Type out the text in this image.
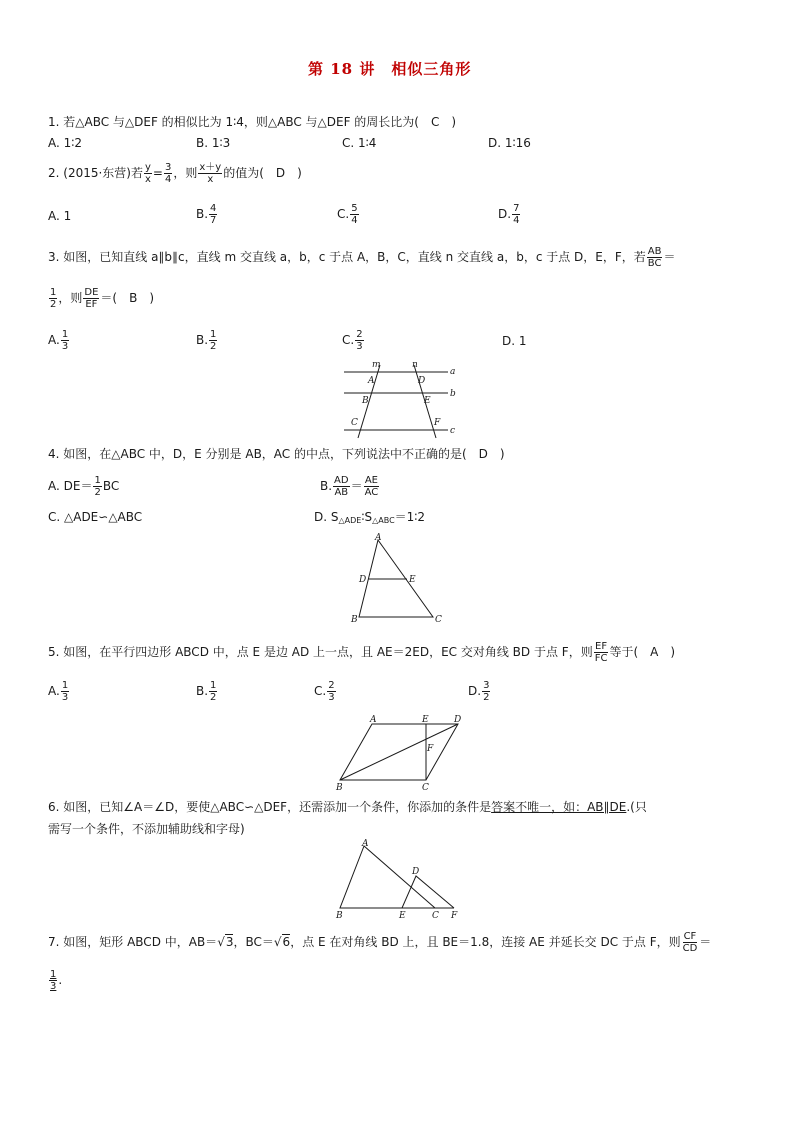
第 18 讲　相似三角形
1. 若△ABC 与△DEF 的相似比为 1∶4，则△ABC 与△DEF 的周长比为(　C　)
A. 1∶2	B. 1∶3	C. 1∶4	D. 1∶16
2. (2015·东营)若 $\frac{y}{x} = \frac{3}{4}$ ，则 $\frac{x+y}{x}$ 的值为(　D　)
A. 1	B. $\frac{4}{7}$	C. $\frac{5}{4}$	D. $\frac{7}{4}$
3. 如图，已知直线 a∥b∥c，直线 m 交直线 a，b，c 于点 A，B，C，直线 n 交直线 a，b，c 于点 D，E，F，若 $\frac{AB}{BC}$ ＝
$\frac{1}{2}$ ，则 $\frac{DE}{EF}$ ＝(　B　)
A. $\frac{1}{3}$	B. $\frac{1}{2}$	C. $\frac{2}{3}$	D. 1
m	n
a
b
c
A
B
C
D
E
F
4. 如图，在△ABC 中，D，E 分别是 AB，AC 的中点，下列说法中不正确的是(　D　)
A. $DE= \frac{1}{2}$ BC	B. $\frac{AD}{AB} = \frac{AE}{AC}$
C. △ADE∽△ABC	D. $S_{\triangle ADE}∶S_{\triangle ABC}=1∶2$
A
B	C
D	E
5. 如图，在平行四边形 ABCD 中，点 E 是边 AD 上一点，且 AE＝2ED，EC 交对角线 BD 于点 F，则 $\frac{EF}{FC}$ 等于(　A　)
A. $\frac{1}{3}$	B. $\frac{1}{2}$	C. $\frac{2}{3}$	D. $\frac{3}{2}$
A
B	C
D
E
F
6. 如图，已知∠A＝∠D，要使△ABC∽△DEF，还需添加一个条件，你添加的条件是答案不唯一，如：AB∥DE.(只
需写一个条件，不添加辅助线和字母)
A
B	C
D
E	F
7. 如图，矩形 ABCD 中，AB＝√3，BC＝√6，点 E 在对角线 BD 上，且 BE＝1.8，连接 AE 并延长交 DC 于点 F，则 $\frac{CF}{CD}$ ＝
$\frac{1}{3}$ .
